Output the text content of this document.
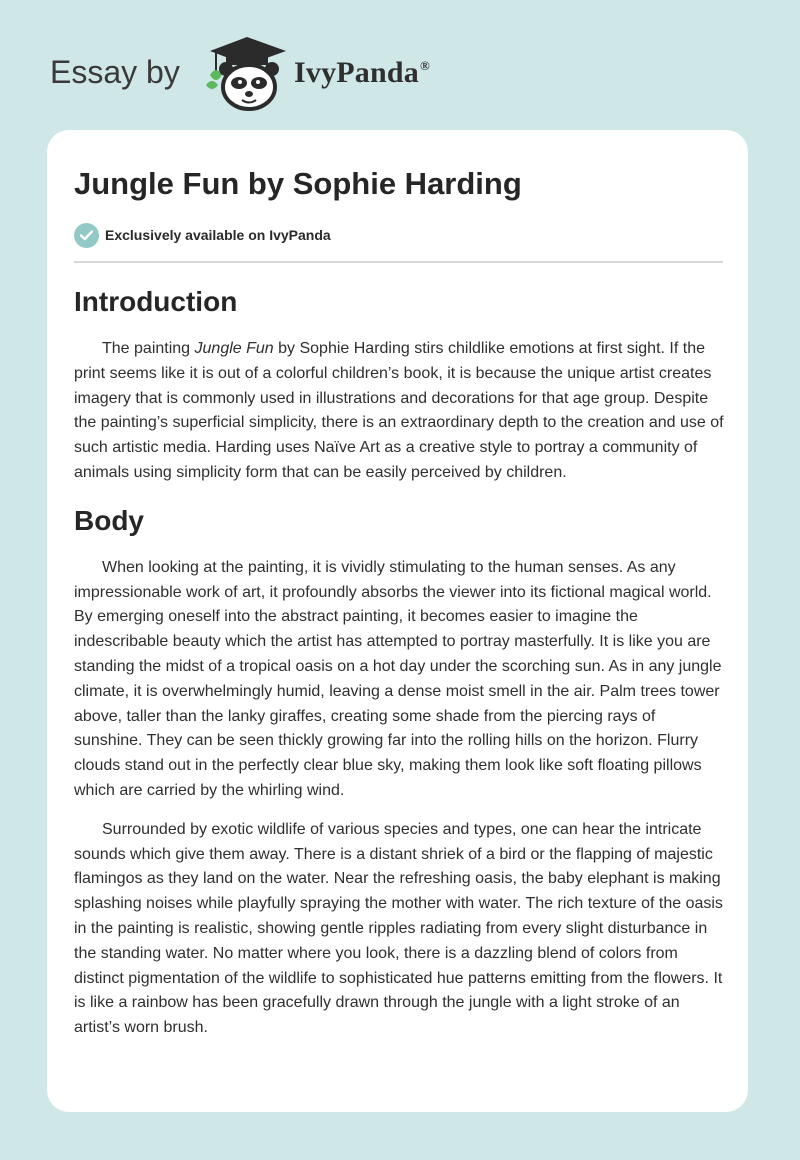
Essay by	IvyPanda®
Jungle Fun by Sophie Harding
Exclusively available on IvyPanda
Introduction

The painting Jungle Fun by Sophie Harding stirs childlike emotions at first sight. If the print seems like it is out of a colorful children’s book, it is because the unique artist creates imagery that is commonly used in illustrations and decorations for that age group. Despite the painting’s superficial simplicity, there is an extraordinary depth to the creation and use of such artistic media. Harding uses Naïve Art as a creative style to portray a community of animals using simplicity form that can be easily perceived by children.

Body

When looking at the painting, it is vividly stimulating to the human senses. As any impressionable work of art, it profoundly absorbs the viewer into its fictional magical world. By emerging oneself into the abstract painting, it becomes easier to imagine the indescribable beauty which the artist has attempted to portray masterfully. It is like you are standing the midst of a tropical oasis on a hot day under the scorching sun. As in any jungle climate, it is overwhelmingly humid, leaving a dense moist smell in the air. Palm trees tower above, taller than the lanky giraffes, creating some shade from the piercing rays of sunshine. They can be seen thickly growing far into the rolling hills on the horizon. Flurry clouds stand out in the perfectly clear blue sky, making them look like soft floating pillows which are carried by the whirling wind.

Surrounded by exotic wildlife of various species and types, one can hear the intricate sounds which give them away. There is a distant shriek of a bird or the flapping of majestic flamingos as they land on the water. Near the refreshing oasis, the baby elephant is making splashing noises while playfully spraying the mother with water. The rich texture of the oasis in the painting is realistic, showing gentle ripples radiating from every slight disturbance in the standing water. No matter where you look, there is a dazzling blend of colors from distinct pigmentation of the wildlife to sophisticated hue patterns emitting from the flowers. It is like a rainbow has been gracefully drawn through the jungle with a light stroke of an artist’s worn brush.
